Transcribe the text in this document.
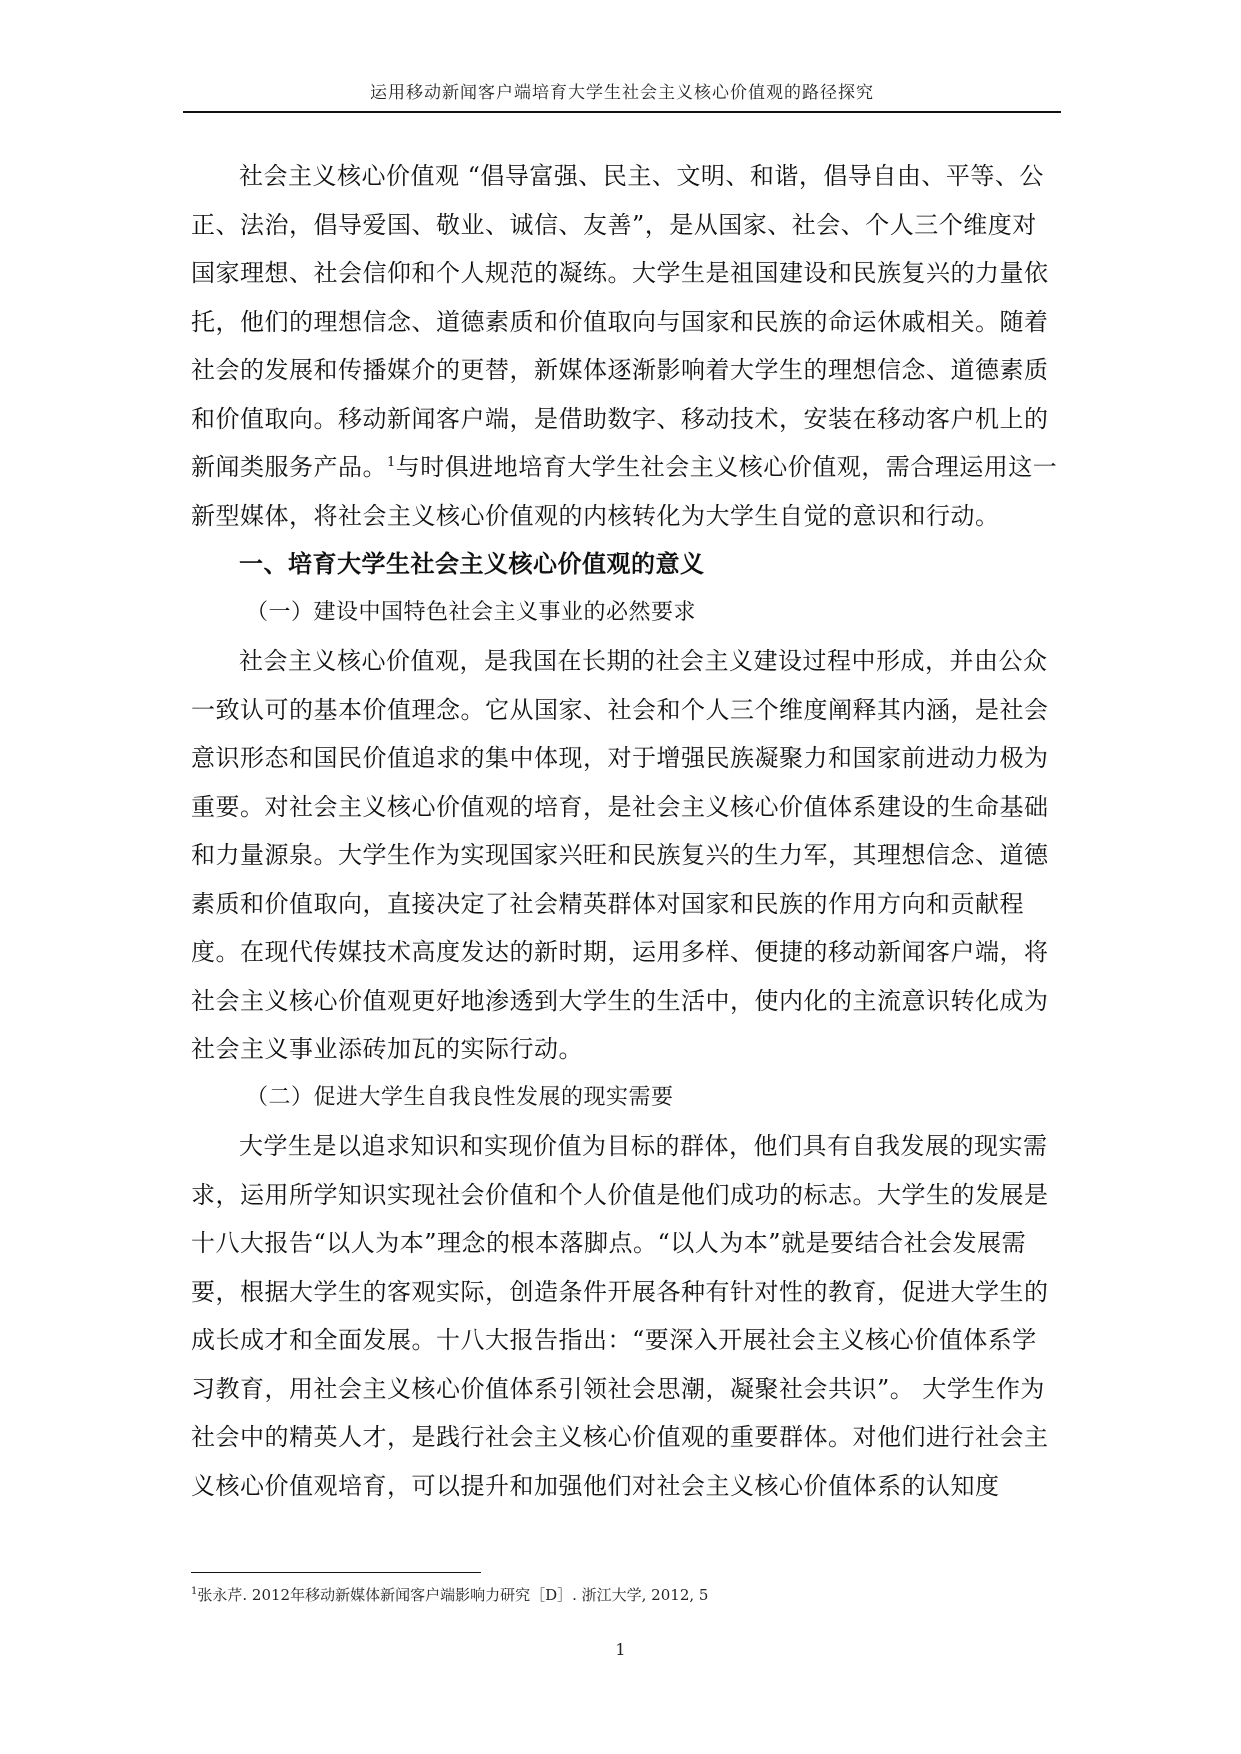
运用移动新闻客户端培育大学生社会主义核心价值观的路径探究

社会主义核心价值观 “倡导富强、民主、文明、和谐，倡导自由、平等、公正、法治，倡导爱国、敬业、诚信、友善”，是从国家、社会、个人三个维度对国家理想、社会信仰和个人规范的凝练。大学生是祖国建设和民族复兴的力量依托，他们的理想信念、道德素质和价值取向与国家和民族的命运休戚相关。随着社会的发展和传播媒介的更替，新媒体逐渐影响着大学生的理想信念、道德素质和价值取向。移动新闻客户端，是借助数字、移动技术，安装在移动客户机上的新闻类服务产品。$^1$与时俱进地培育大学生社会主义核心价值观，需合理运用这一新型媒体，将社会主义核心价值观的内核转化为大学生自觉的意识和行动。

一、培育大学生社会主义核心价值观的意义

（一）建设中国特色社会主义事业的必然要求

社会主义核心价值观，是我国在长期的社会主义建设过程中形成，并由公众一致认可的基本价值理念。它从国家、社会和个人三个维度阐释其内涵，是社会意识形态和国民价值追求的集中体现，对于增强民族凝聚力和国家前进动力极为重要。对社会主义核心价值观的培育，是社会主义核心价值体系建设的生命基础和力量源泉。大学生作为实现国家兴旺和民族复兴的生力军，其理想信念、道德素质和价值取向，直接决定了社会精英群体对国家和民族的作用方向和贡献程度。在现代传媒技术高度发达的新时期，运用多样、便捷的移动新闻客户端，将社会主义核心价值观更好地渗透到大学生的生活中，使内化的主流意识转化成为社会主义事业添砖加瓦的实际行动。

（二）促进大学生自我良性发展的现实需要

大学生是以追求知识和实现价值为目标的群体，他们具有自我发展的现实需求，运用所学知识实现社会价值和个人价值是他们成功的标志。大学生的发展是十八大报告“以人为本”理念的根本落脚点。“以人为本”就是要结合社会发展需要，根据大学生的客观实际，创造条件开展各种有针对性的教育，促进大学生的成长成才和全面发展。十八大报告指出：“要深入开展社会主义核心价值体系学习教育，用社会主义核心价值体系引领社会思潮，凝聚社会共识”。 大学生作为社会中的精英人才，是践行社会主义核心价值观的重要群体。对他们进行社会主义核心价值观培育，可以提升和加强他们对社会主义核心价值体系的认知度

$^1$张永芹. 2012年移动新媒体新闻客户端影响力研究［D］. 浙江大学, 2012, 5
1
